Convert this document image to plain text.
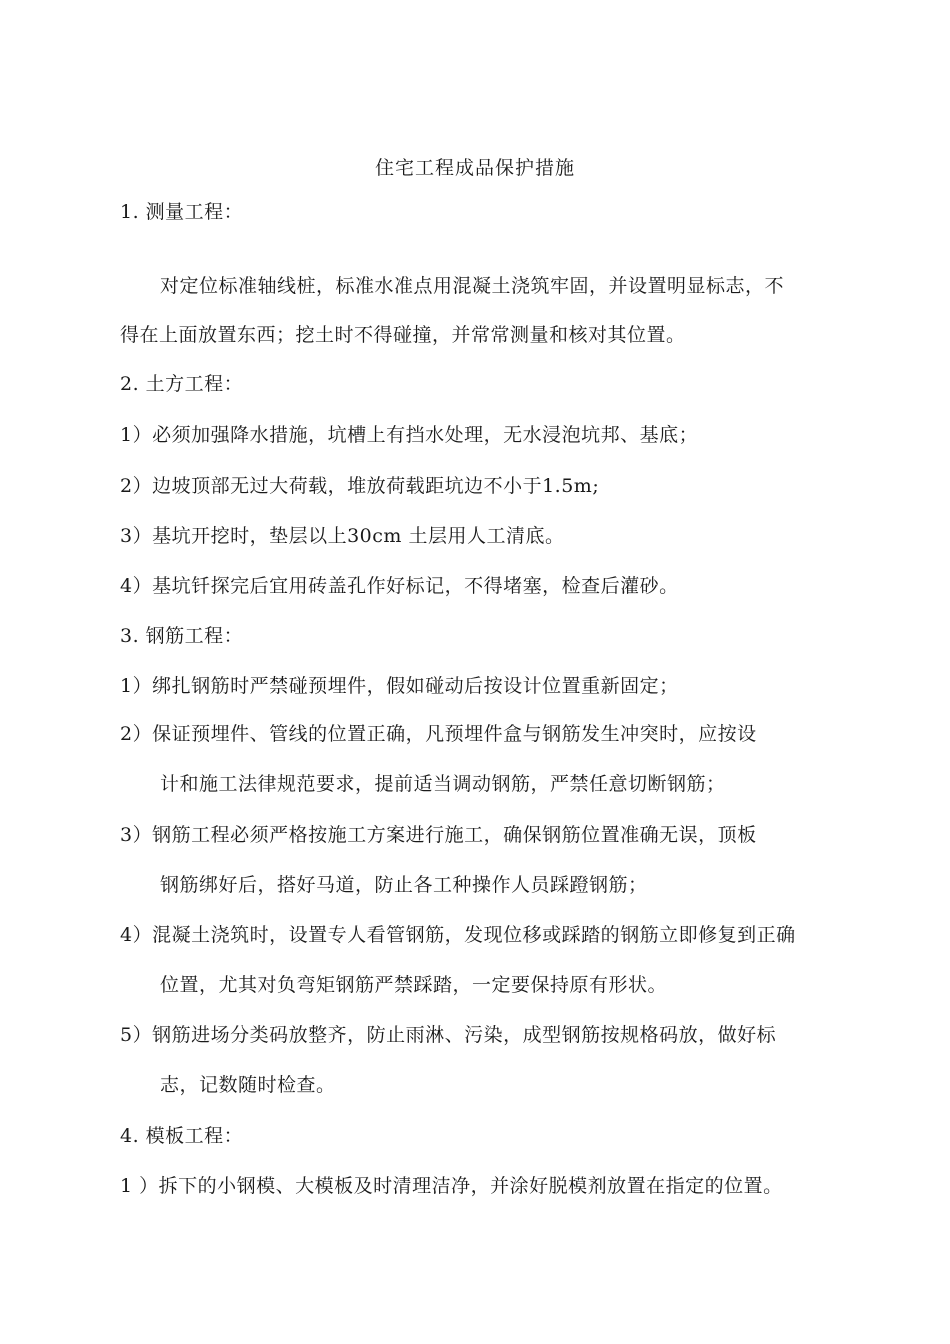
住宅工程成品保护措施
1. 测量工程：
对定位标准轴线桩，标准水准点用混凝土浇筑牢固，并设置明显标志，不
得在上面放置东西；挖土时不得碰撞，并常常测量和核对其位置。
2. 土方工程：
1）必须加强降水措施，坑槽上有挡水处理，无水浸泡坑邦、基底；
2）边坡顶部无过大荷载，堆放荷载距坑边不小于1.5m;
3）基坑开挖时，垫层以上30cm 土层用人工清底。
4）基坑钎探完后宜用砖盖孔作好标记，不得堵塞，检查后灌砂。
3. 钢筋工程：
1）绑扎钢筋时严禁碰预埋件，假如碰动后按设计位置重新固定；
2）保证预埋件、管线的位置正确，凡预埋件盒与钢筋发生冲突时，应按设
计和施工法律规范要求，提前适当调动钢筋，严禁任意切断钢筋；
3）钢筋工程必须严格按施工方案进行施工，确保钢筋位置准确无误，顶板
钢筋绑好后，搭好马道，防止各工种操作人员踩蹬钢筋；
4）混凝土浇筑时，设置专人看管钢筋，发现位移或踩踏的钢筋立即修复到正确
位置，尤其对负弯矩钢筋严禁踩踏，一定要保持原有形状。
5）钢筋进场分类码放整齐，防止雨淋、污染，成型钢筋按规格码放，做好标
志，记数随时检查。
4. 模板工程：
1 ）拆下的小钢模、大模板及时清理洁净，并涂好脱模剂放置在指定的位置。
